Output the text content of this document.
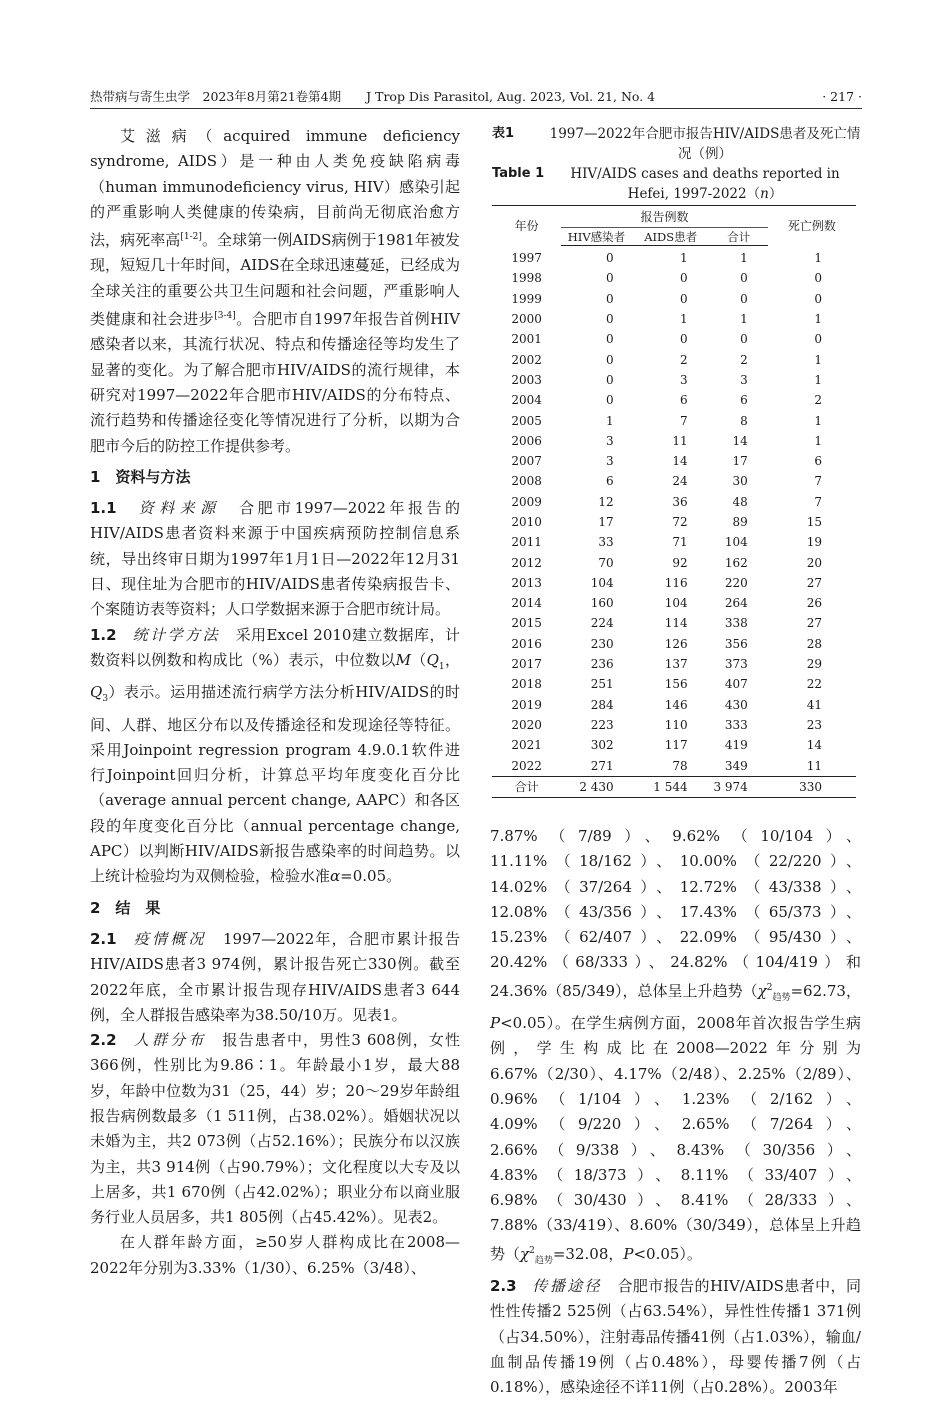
热带病与寄生虫学　2023年8月第21卷第4期　　J Trop Dis Parasitol, Aug. 2023, Vol. 21, No. 4	· 217 ·

艾滋病（acquired immune deficiency syndrome, AIDS）是一种由人类免疫缺陷病毒（human immunodeficiency virus, HIV）感染引起的严重影响人类健康的传染病，目前尚无彻底治愈方法，病死率高[1-2]。全球第一例AIDS病例于1981年被发现，短短几十年时间，AIDS在全球迅速蔓延，已经成为全球关注的重要公共卫生问题和社会问题，严重影响人类健康和社会进步[3-4]。合肥市自1997年报告首例HIV感染者以来，其流行状况、特点和传播途径等均发生了显著的变化。为了解合肥市HIV/AIDS的流行规律，本研究对1997—2022年合肥市HIV/AIDS的分布特点、流行趋势和传播途径变化等情况进行了分析，以期为合肥市今后的防控工作提供参考。

1　资料与方法

1.1　 资料来源　 合肥市1997—2022年报告的HIV/AIDS患者资料来源于中国疾病预防控制信息系统，导出终审日期为1997年1月1日—2022年12月31日、现住址为合肥市的HIV/AIDS患者传染病报告卡、个案随访表等资料；人口学数据来源于合肥市统计局。

1.2　 统计学方法　 采用Excel 2010建立数据库，计数资料以例数和构成比（%）表示，中位数以$M(Q_1$，$Q_3$）表示。运用描述流行病学方法分析HIV/AIDS的时间、人群、地区分布以及传播途径和发现途径等特征。采用Joinpoint regression program 4.9.0.1软件进行Joinpoint回归分析，计算总平均年度变化百分比（average annual percent change, AAPC）和各区段的年度变化百分比（annual percentage change, APC）以判断HIV/AIDS新报告感染率的时间趋势。以上统计检验均为双侧检验，检验水准α=0.05。

2　结　果

2.1　 疫情概况　 1997—2022年，合肥市累计报告HIV/AIDS患者3 974例，累计报告死亡330例。截至2022年底，全市累计报告现存HIV/AIDS患者3 644例，全人群报告感染率为38.50/10万。见表1。

2.2　 人群分布　 报告患者中，男性3 608例，女性366例，性别比为9.86∶1。年龄最小1岁，最大88岁，年龄中位数为31（25，44）岁；20～29岁年龄组报告病例数最多（1 511例，占38.02%）。婚姻状况以未婚为主，共2 073例（占52.16%）；民族分布以汉族为主，共3 914例（占90.79%）；文化程度以大专及以上居多，共1 670例（占42.02%）；职业分布以商业服务行业人员居多，共1 805例（占45.42%）。见表2。

在人群年龄方面，≥50岁人群构成比在2008—2022年分别为3.33%（1/30）、6.25%（3/48）、

表1	1997—2022年合肥市报告HIV/AIDS患者及死亡情况（例）
Table 1	HIV/AIDS cases and deaths reported in Hefei, 1997-2022（n）
年份	报告例数			死亡例数
	HIV感染者	AIDS患者	合计	
1997	0	1	1	1
1998	0	0	0	0
1999	0	0	0	0
2000	0	1	1	1
2001	0	0	0	0
2002	0	2	2	1
2003	0	3	3	1
2004	0	6	6	2
2005	1	7	8	1
2006	3	11	14	1
2007	3	14	17	6
2008	6	24	30	7
2009	12	36	48	7
2010	17	72	89	15
2011	33	71	104	19
2012	70	92	162	20
2013	104	116	220	27
2014	160	104	264	26
2015	224	114	338	27
2016	230	126	356	28
2017	236	137	373	29
2018	251	156	407	22
2019	284	146	430	41
2020	223	110	333	23
2021	302	117	419	14
2022	271	78	349	11
合计	2 430	1 544	3 974	330

7.87%（7/89）、9.62%（10/104）、11.11%（18/162）、10.00%（22/220）、14.02%（37/264）、12.72%（43/338）、12.08%（43/356）、17.43%（65/373）、15.23%（62/407）、22.09%（95/430）、20.42%（68/333）、24.82%（104/419）和24.36%（85/349），总体呈上升趋势（$\chi^2_{趋势}=62.73$，P<0.05）。在学生病例方面，2008年首次报告学生病例，学生构成比在2008—2022年分别为6.67%（2/30）、4.17%（2/48）、2.25%（2/89）、0.96%（1/104）、1.23%（2/162）、4.09%（9/220）、2.65%（7/264）、2.66%（9/338）、8.43%（30/356）、4.83%（18/373）、8.11%（33/407）、6.98%（30/430）、8.41%（28/333）、7.88%（33/419）、8.60%（30/349），总体呈上升趋势（$\chi^2_{趋势}=32.08$，P<0.05）。

2.3　 传播途径　 合肥市报告的HIV/AIDS患者中，同性性传播2 525例（占63.54%），异性性传播1 371例（占34.50%），注射毒品传播41例（占1.03%），输血/血制品传播19例（占0.48%），母婴传播7例（占0.18%），感染途径不详11例（占0.28%）。2003年
